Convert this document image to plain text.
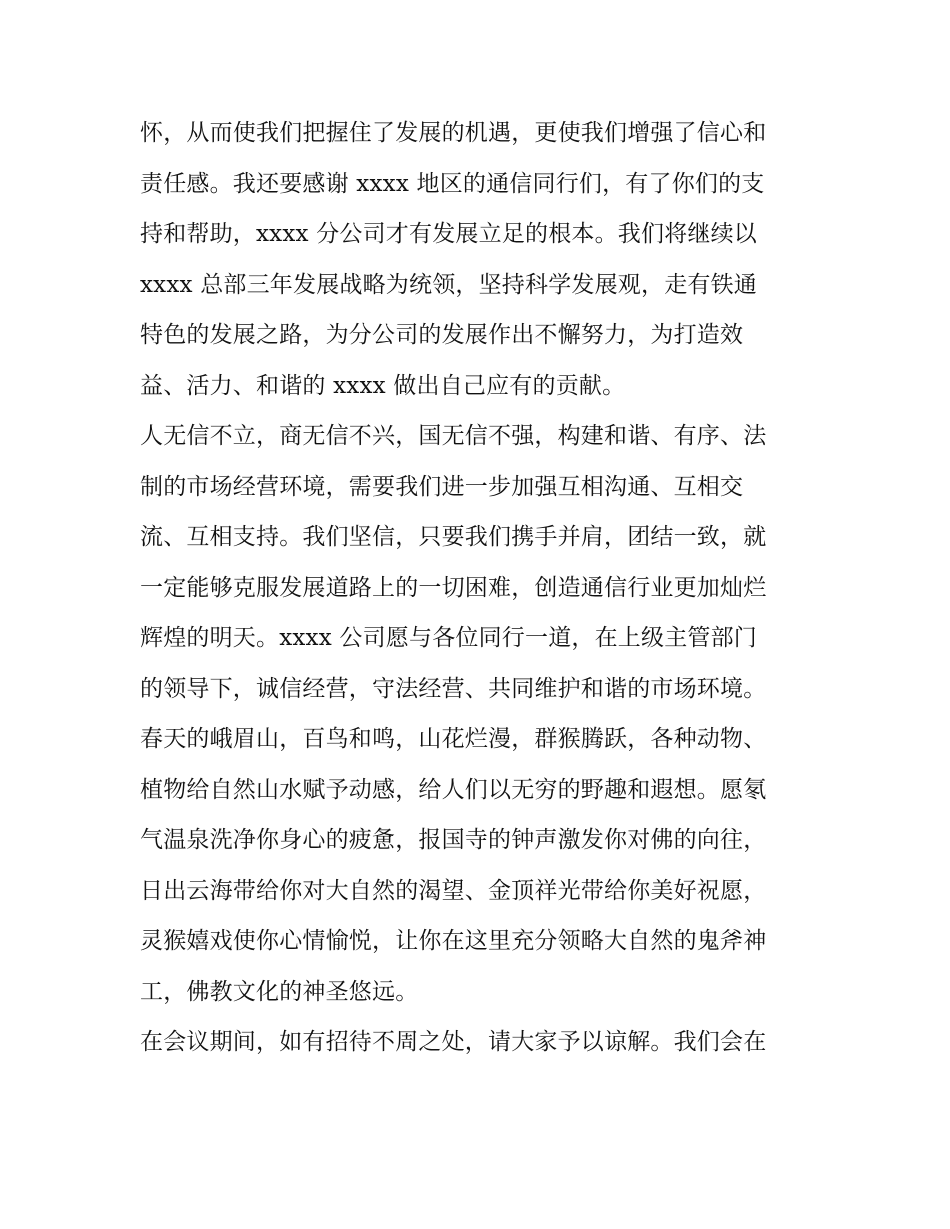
怀，从而使我们把握住了发展的机遇，更使我们增强了信心和
责任感。我还要感谢 xxxx 地区的通信同行们，有了你们的支
持和帮助，xxxx 分公司才有发展立足的根本。我们将继续以
xxxx 总部三年发展战略为统领，坚持科学发展观，走有铁通
特色的发展之路，为分公司的发展作出不懈努力，为打造效
益、活力、和谐的 xxxx 做出自己应有的贡献。
人无信不立，商无信不兴，国无信不强，构建和谐、有序、法
制的市场经营环境，需要我们进一步加强互相沟通、互相交
流、互相支持。我们坚信，只要我们携手并肩，团结一致，就
一定能够克服发展道路上的一切困难，创造通信行业更加灿烂
辉煌的明天。xxxx 公司愿与各位同行一道，在上级主管部门
的领导下，诚信经营，守法经营、共同维护和谐的市场环境。
春天的峨眉山，百鸟和鸣，山花烂漫，群猴腾跃，各种动物、
植物给自然山水赋予动感，给人们以无穷的野趣和遐想。愿氡
气温泉洗净你身心的疲惫，报国寺的钟声激发你对佛的向往，
日出云海带给你对大自然的渴望、金顶祥光带给你美好祝愿，
灵猴嬉戏使你心情愉悦，让你在这里充分领略大自然的鬼斧神
工，佛教文化的神圣悠远。
在会议期间，如有招待不周之处，请大家予以谅解。我们会在
